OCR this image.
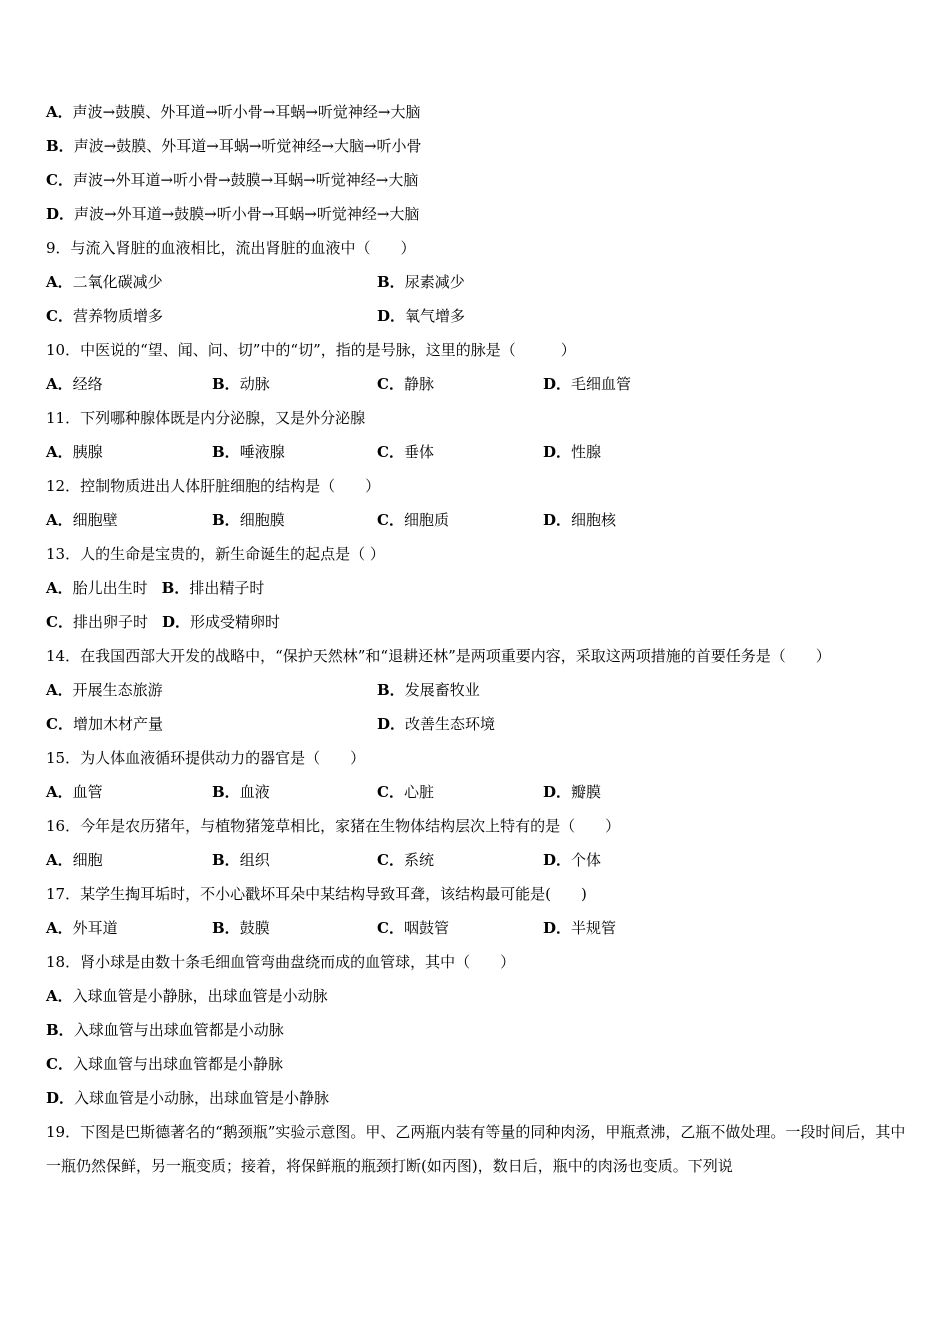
A．声波→鼓膜、外耳道→听小骨→耳蜗→听觉神经→大脑
B．声波→鼓膜、外耳道→耳蜗→听觉神经→大脑→听小骨
C．声波→外耳道→听小骨→鼓膜→耳蜗→听觉神经→大脑
D．声波→外耳道→鼓膜→听小骨→耳蜗→听觉神经→大脑
9．与流入肾脏的血液相比，流出肾脏的血液中（　　）
A．二氧化碳减少	B．尿素减少
C．营养物质增多	D．氧气增多
10．中医说的“望、闻、问、切”中的“切”，指的是号脉，这里的脉是（　　　）
A．经络	B．动脉	C．静脉	D．毛细血管
11．下列哪种腺体既是内分泌腺，又是外分泌腺
A．胰腺	B．唾液腺	C．垂体	D．性腺
12．控制物质进出人体肝脏细胞的结构是（　　）
A．细胞壁	B．细胞膜	C．细胞质	D．细胞核
13．人的生命是宝贵的，新生命诞生的起点是（ ）
A．胎儿出生时 B．排出精子时
C．排出卵子时 D．形成受精卵时
14．在我国西部大开发的战略中，“保护天然林”和“退耕还林”是两项重要内容，采取这两项措施的首要任务是（　　）
A．开展生态旅游	B．发展畜牧业
C．增加木材产量	D．改善生态环境
15．为人体血液循环提供动力的器官是（　　）
A．血管	B．血液	C．心脏	D．瓣膜
16．今年是农历猪年，与植物猪笼草相比，家猪在生物体结构层次上特有的是（　　）
A．细胞	B．组织	C．系统	D．个体
17．某学生掏耳垢时，不小心戳坏耳朵中某结构导致耳聋，该结构最可能是(　　)
A．外耳道	B．鼓膜	C．咽鼓管	D．半规管
18．肾小球是由数十条毛细血管弯曲盘绕而成的血管球，其中（　　）
A．入球血管是小静脉，出球血管是小动脉
B．入球血管与出球血管都是小动脉
C．入球血管与出球血管都是小静脉
D．入球血管是小动脉，出球血管是小静脉
19．下图是巴斯德著名的“鹅颈瓶”实验示意图。甲、乙两瓶内装有等量的同种肉汤，甲瓶煮沸，乙瓶不做处理。一段时间后，其中一瓶仍然保鲜，另一瓶变质；接着，将保鲜瓶的瓶颈打断(如丙图)，数日后，瓶中的肉汤也变质。下列说
